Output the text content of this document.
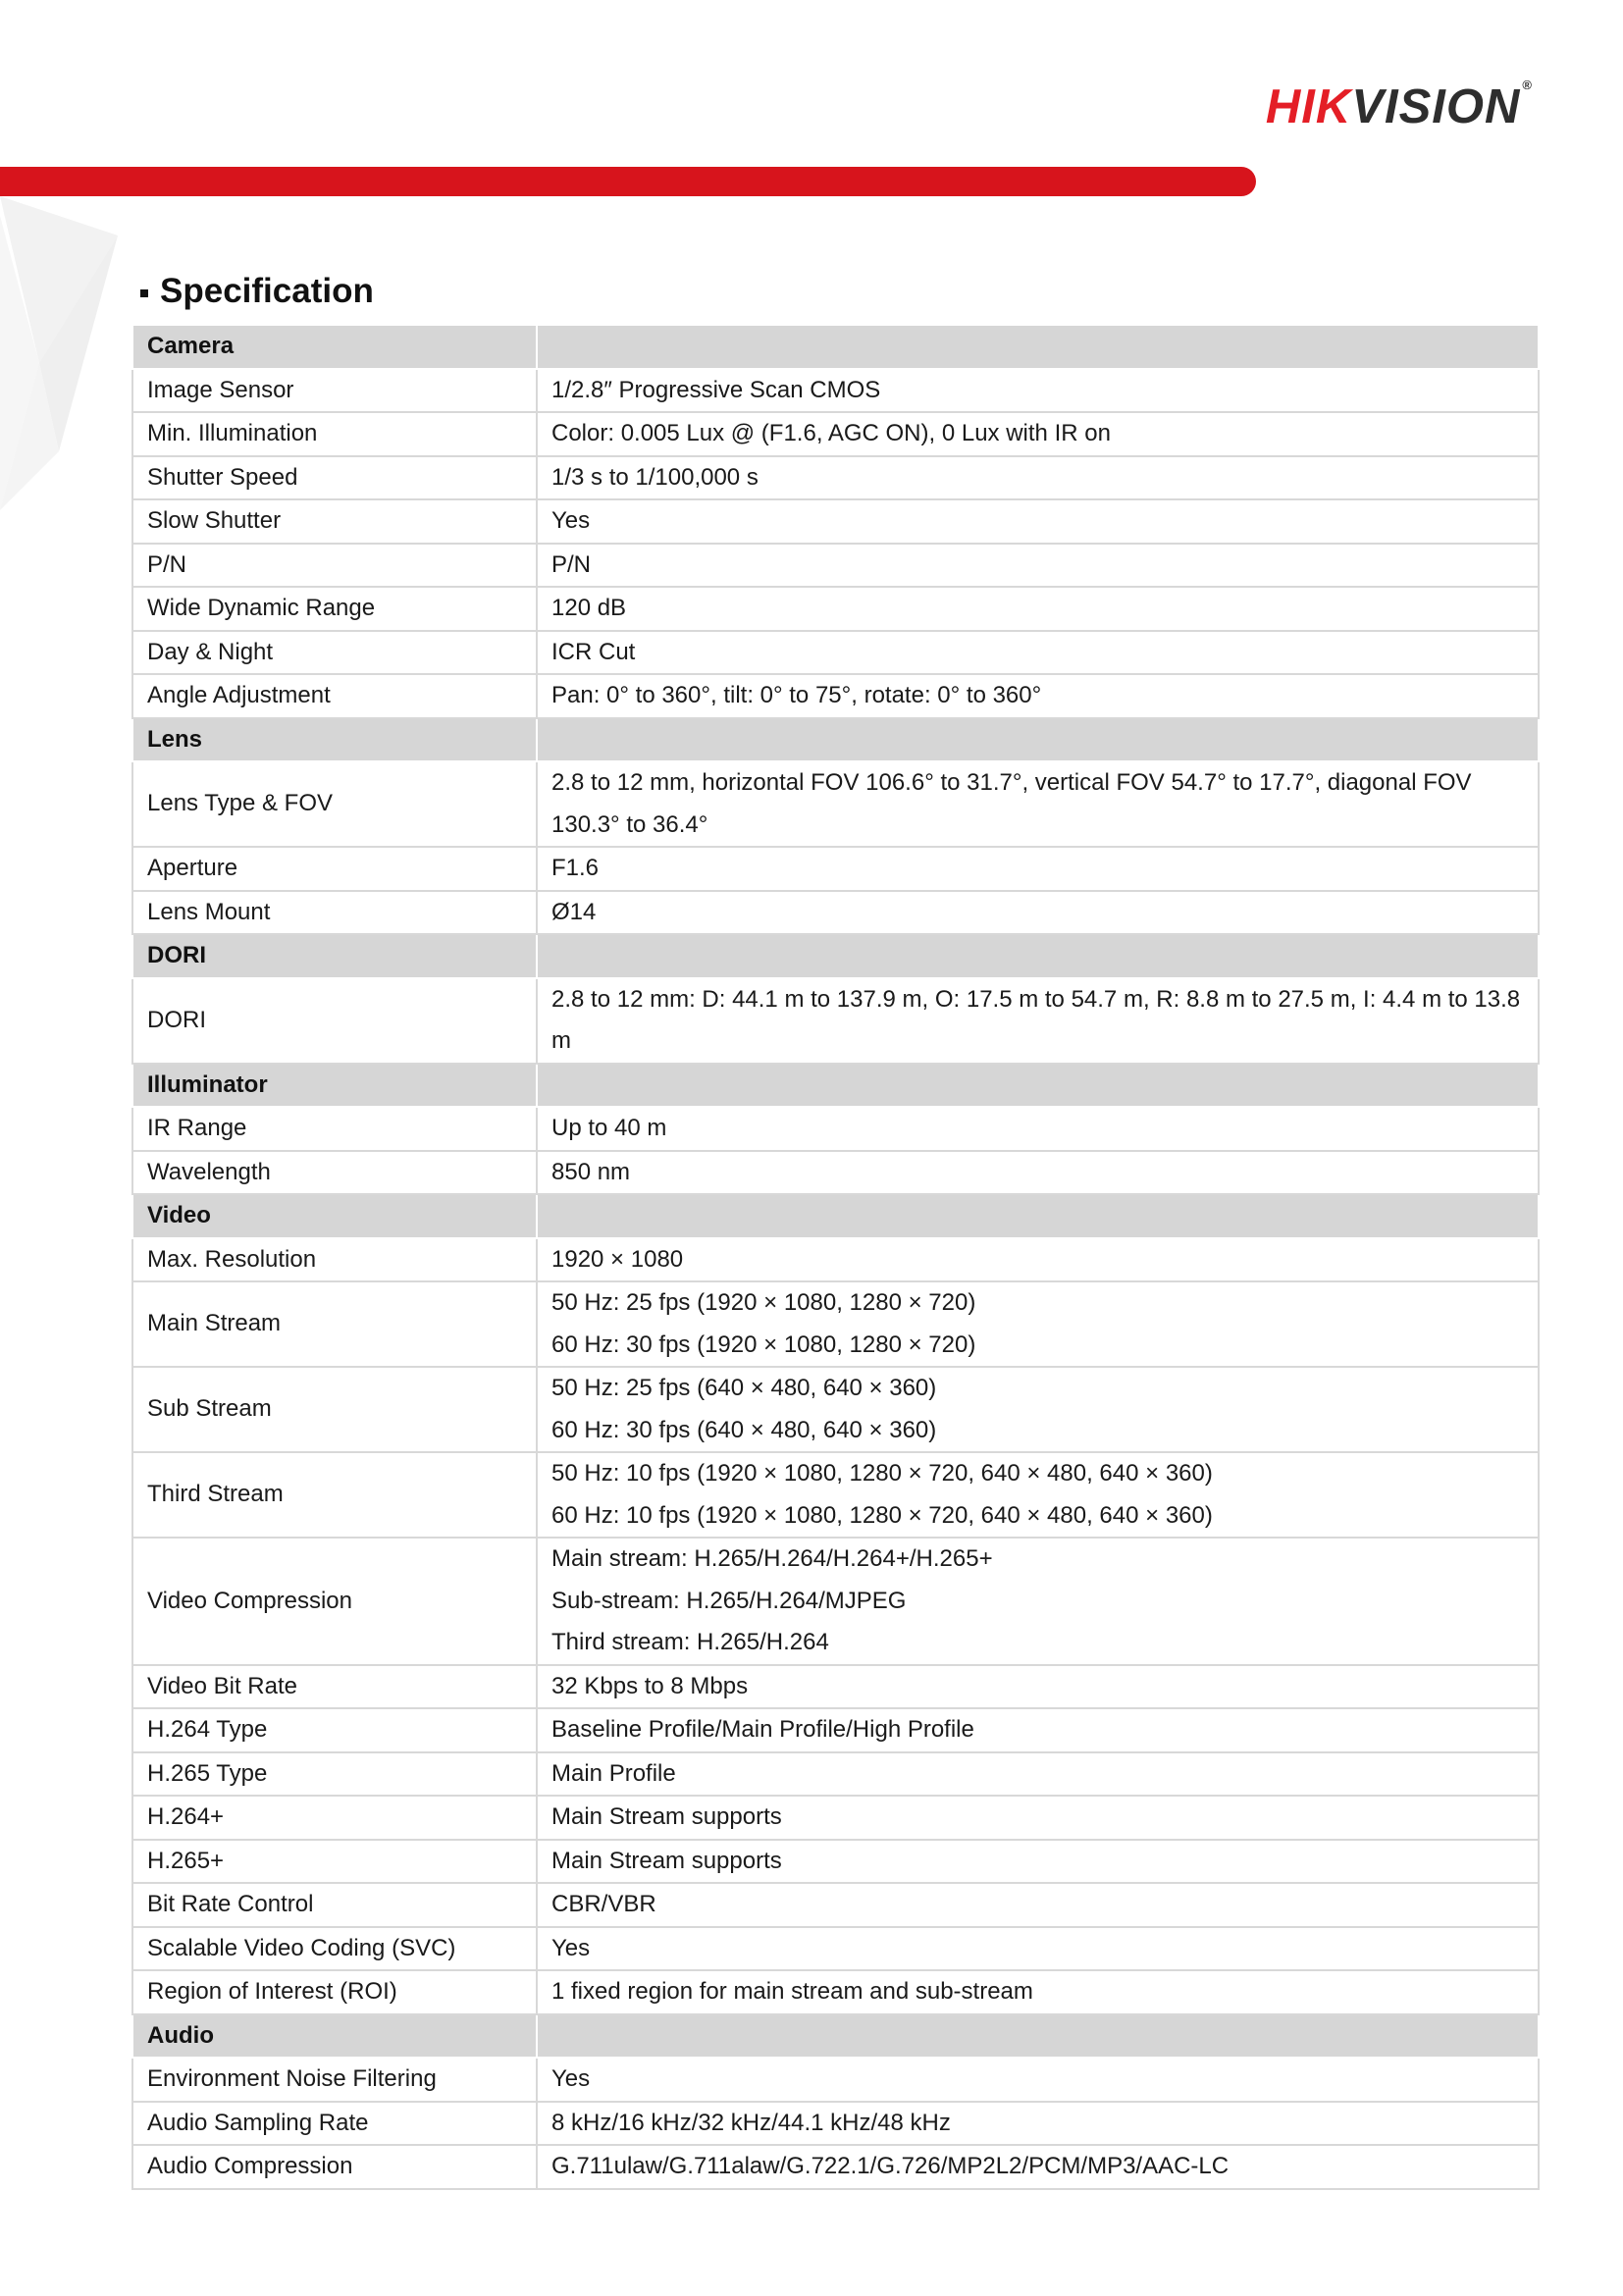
HIK VISION ®
Specification
Camera	
Image Sensor	1/2.8″ Progressive Scan CMOS

Min. Illumination	Color: 0.005 Lux @ (F1.6, AGC ON), 0 Lux with IR on

Shutter Speed	1/3 s to 1/100,000 s

Slow Shutter	Yes

P/N	P/N

Wide Dynamic Range	120 dB

Day & Night	ICR Cut

Angle Adjustment	Pan: 0° to 360°, tilt: 0° to 75°, rotate: 0° to 360°

Lens	
Lens Type & FOV	2.8 to 12 mm, horizontal FOV 106.6° to 31.7°, vertical FOV 54.7° to 17.7°, diagonal FOV 130.3° to 36.4°

Aperture	F1.6

Lens Mount	Ø14

DORI	
DORI	2.8 to 12 mm: D: 44.1 m to 137.9 m, O: 17.5 m to 54.7 m, R: 8.8 m to 27.5 m, I: 4.4 m to 13.8 m

Illuminator	
IR Range	Up to 40 m

Wavelength	850 nm

Video	
Max. Resolution	1920 × 1080

Main Stream	50 Hz: 25 fps (1920 × 1080, 1280 × 720)
60 Hz: 30 fps (1920 × 1080, 1280 × 720)

Sub Stream	50 Hz: 25 fps (640 × 480, 640 × 360)
60 Hz: 30 fps (640 × 480, 640 × 360)

Third Stream	50 Hz: 10 fps (1920 × 1080, 1280 × 720, 640 × 480, 640 × 360)
60 Hz: 10 fps (1920 × 1080, 1280 × 720, 640 × 480, 640 × 360)

Video Compression	Main stream: H.265/H.264/H.264+/H.265+
Sub-stream: H.265/H.264/MJPEG
Third stream: H.265/H.264

Video Bit Rate	32 Kbps to 8 Mbps

H.264 Type	Baseline Profile/Main Profile/High Profile

H.265 Type	Main Profile

H.264+	Main Stream supports

H.265+	Main Stream supports

Bit Rate Control	CBR/VBR

Scalable Video Coding (SVC)	Yes

Region of Interest (ROI)	1 fixed region for main stream and sub-stream

Audio	
Environment Noise Filtering	Yes

Audio Sampling Rate	8 kHz/16 kHz/32 kHz/44.1 kHz/48 kHz

Audio Compression	G.711ulaw/G.711alaw/G.722.1/G.726/MP2L2/PCM/MP3/AAC-LC
